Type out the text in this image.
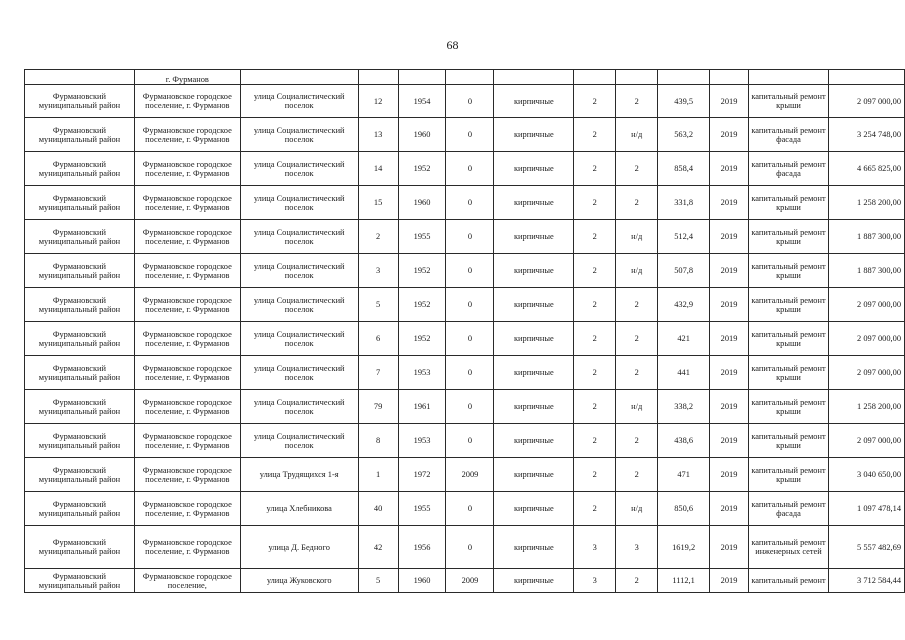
68
	г. Фурманов											
Фурмановский муниципальный район	Фурмановское городское поселение, г. Фурманов	улица Социалистический поселок	12	1954	0	кирпичные	2	2	439,5	2019	капитальный ремонт крыши	2 097 000,00
Фурмановский муниципальный район	Фурмановское городское поселение, г. Фурманов	улица Социалистический поселок	13	1960	0	кирпичные	2	н/д	563,2	2019	капитальный ремонт фасада	3 254 748,00
Фурмановский муниципальный район	Фурмановское городское поселение, г. Фурманов	улица Социалистический поселок	14	1952	0	кирпичные	2	2	858,4	2019	капитальный ремонт фасада	4 665 825,00
Фурмановский муниципальный район	Фурмановское городское поселение, г. Фурманов	улица Социалистический поселок	15	1960	0	кирпичные	2	2	331,8	2019	капитальный ремонт крыши	1 258 200,00
Фурмановский муниципальный район	Фурмановское городское поселение, г. Фурманов	улица Социалистический поселок	2	1955	0	кирпичные	2	н/д	512,4	2019	капитальный ремонт крыши	1 887 300,00
Фурмановский муниципальный район	Фурмановское городское поселение, г. Фурманов	улица Социалистический поселок	3	1952	0	кирпичные	2	н/д	507,8	2019	капитальный ремонт крыши	1 887 300,00
Фурмановский муниципальный район	Фурмановское городское поселение, г. Фурманов	улица Социалистический поселок	5	1952	0	кирпичные	2	2	432,9	2019	капитальный ремонт крыши	2 097 000,00
Фурмановский муниципальный район	Фурмановское городское поселение, г. Фурманов	улица Социалистический поселок	6	1952	0	кирпичные	2	2	421	2019	капитальный ремонт крыши	2 097 000,00
Фурмановский муниципальный район	Фурмановское городское поселение, г. Фурманов	улица Социалистический поселок	7	1953	0	кирпичные	2	2	441	2019	капитальный ремонт крыши	2 097 000,00
Фурмановский муниципальный район	Фурмановское городское поселение, г. Фурманов	улица Социалистический поселок	79	1961	0	кирпичные	2	н/д	338,2	2019	капитальный ремонт крыши	1 258 200,00
Фурмановский муниципальный район	Фурмановское городское поселение, г. Фурманов	улица Социалистический поселок	8	1953	0	кирпичные	2	2	438,6	2019	капитальный ремонт крыши	2 097 000,00
Фурмановский муниципальный район	Фурмановское городское поселение, г. Фурманов	улица Трудящихся 1-я	1	1972	2009	кирпичные	2	2	471	2019	капитальный ремонт крыши	3 040 650,00
Фурмановский муниципальный район	Фурмановское городское поселение, г. Фурманов	улица Хлебникова	40	1955	0	кирпичные	2	н/д	850,6	2019	капитальный ремонт фасада	1 097 478,14
Фурмановский муниципальный район	Фурмановское городское поселение, г. Фурманов	улица Д. Бедного	42	1956	0	кирпичные	3	3	1619,2	2019	капитальный ремонт инженерных сетей	5 557 482,69
Фурмановский муниципальный район	Фурмановское городское поселение,	улица Жуковского	5	1960	2009	кирпичные	3	2	1112,1	2019	капитальный ремонт	3 712 584,44
